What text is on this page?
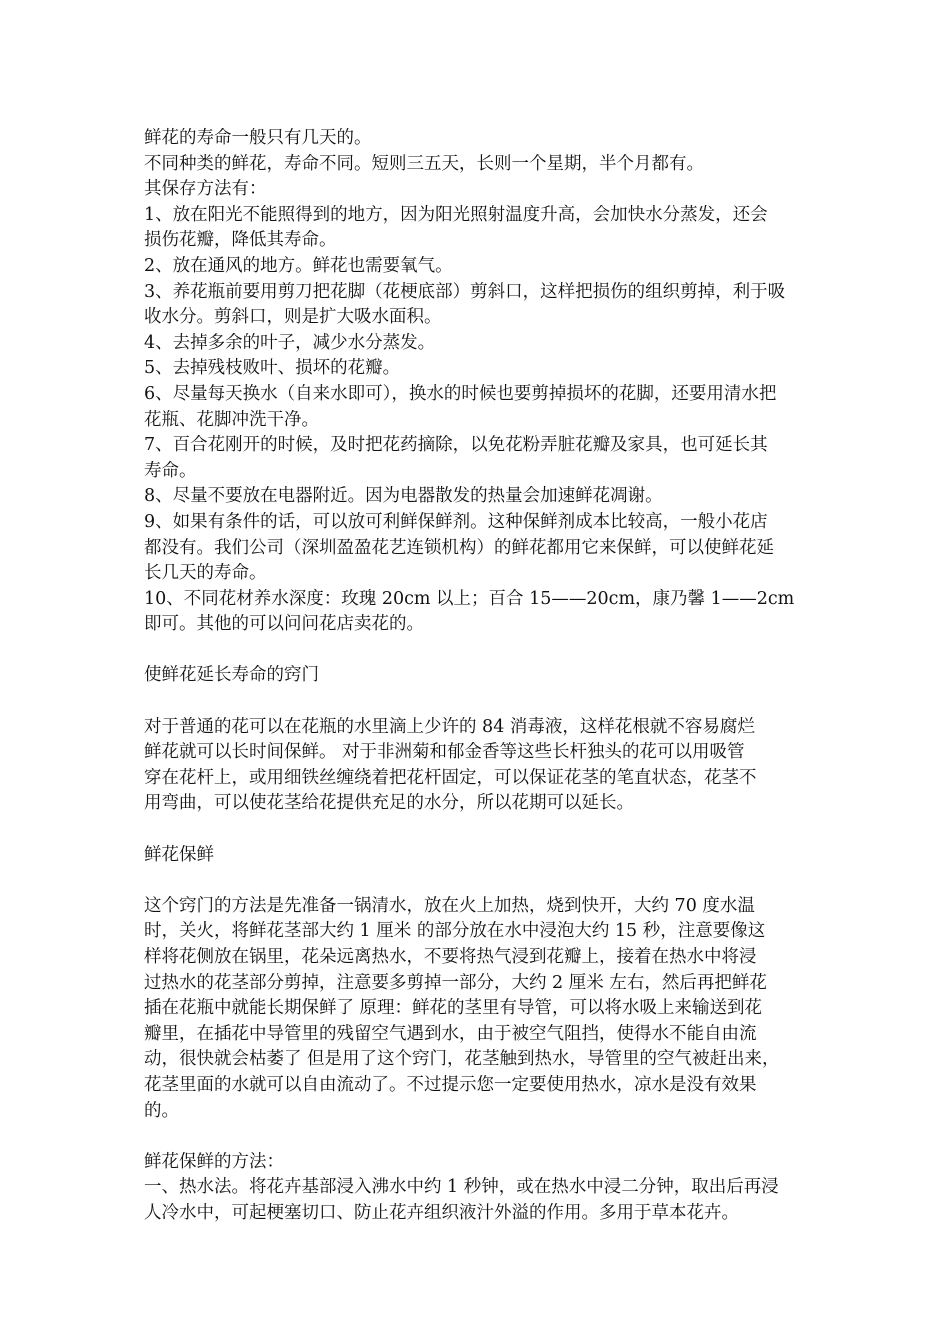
鲜花的寿命一般只有几天的。
不同种类的鲜花，寿命不同。短则三五天，长则一个星期，半个月都有。
其保存方法有：
1、放在阳光不能照得到的地方，因为阳光照射温度升高，会加快水分蒸发，还会
损伤花瓣，降低其寿命。
2、放在通风的地方。鲜花也需要氧气。
3、养花瓶前要用剪刀把花脚（花梗底部）剪斜口，这样把损伤的组织剪掉，利于吸
收水分。剪斜口，则是扩大吸水面积。
4、去掉多余的叶子，减少水分蒸发。
5、去掉残枝败叶、损坏的花瓣。
6、尽量每天换水（自来水即可），换水的时候也要剪掉损坏的花脚，还要用清水把
花瓶、花脚冲洗干净。
7、百合花刚开的时候，及时把花药摘除，以免花粉弄脏花瓣及家具，也可延长其
寿命。
8、尽量不要放在电器附近。因为电器散发的热量会加速鲜花凋谢。
9、如果有条件的话，可以放可利鲜保鲜剂。这种保鲜剂成本比较高，一般小花店
都没有。我们公司（深圳盈盈花艺连锁机构）的鲜花都用它来保鲜，可以使鲜花延
长几天的寿命。
10、不同花材养水深度：玫瑰 20cm 以上；百合 15——20cm，康乃馨 1——2cm
即可。其他的可以问问花店卖花的。
使鲜花延长寿命的窍门
对于普通的花可以在花瓶的水里滴上少许的 84 消毒液，这样花根就不容易腐烂
鲜花就可以长时间保鲜。 对于非洲菊和郁金香等这些长杆独头的花可以用吸管
穿在花杆上，或用细铁丝缠绕着把花杆固定，可以保证花茎的笔直状态，花茎不
用弯曲，可以使花茎给花提供充足的水分，所以花期可以延长。
鲜花保鲜
这个窍门的方法是先准备一锅清水，放在火上加热，烧到快开，大约 70 度水温
时，关火，将鲜花茎部大约 1 厘米 的部分放在水中浸泡大约 15 秒，注意要像这
样将花侧放在锅里，花朵远离热水，不要将热气浸到花瓣上，接着在热水中将浸
过热水的花茎部分剪掉，注意要多剪掉一部分，大约 2 厘米 左右，然后再把鲜花
插在花瓶中就能长期保鲜了 原理：鲜花的茎里有导管，可以将水吸上来输送到花
瓣里，在插花中导管里的残留空气遇到水，由于被空气阻挡，使得水不能自由流
动，很快就会枯萎了 但是用了这个窍门，花茎触到热水，导管里的空气被赶出来，
花茎里面的水就可以自由流动了。不过提示您一定要使用热水，凉水是没有效果
的。
鲜花保鲜的方法：
一、热水法。将花卉基部浸入沸水中约 1 秒钟，或在热水中浸二分钟，取出后再浸
人冷水中，可起梗塞切口、防止花卉组织液汁外溢的作用。多用于草本花卉。
